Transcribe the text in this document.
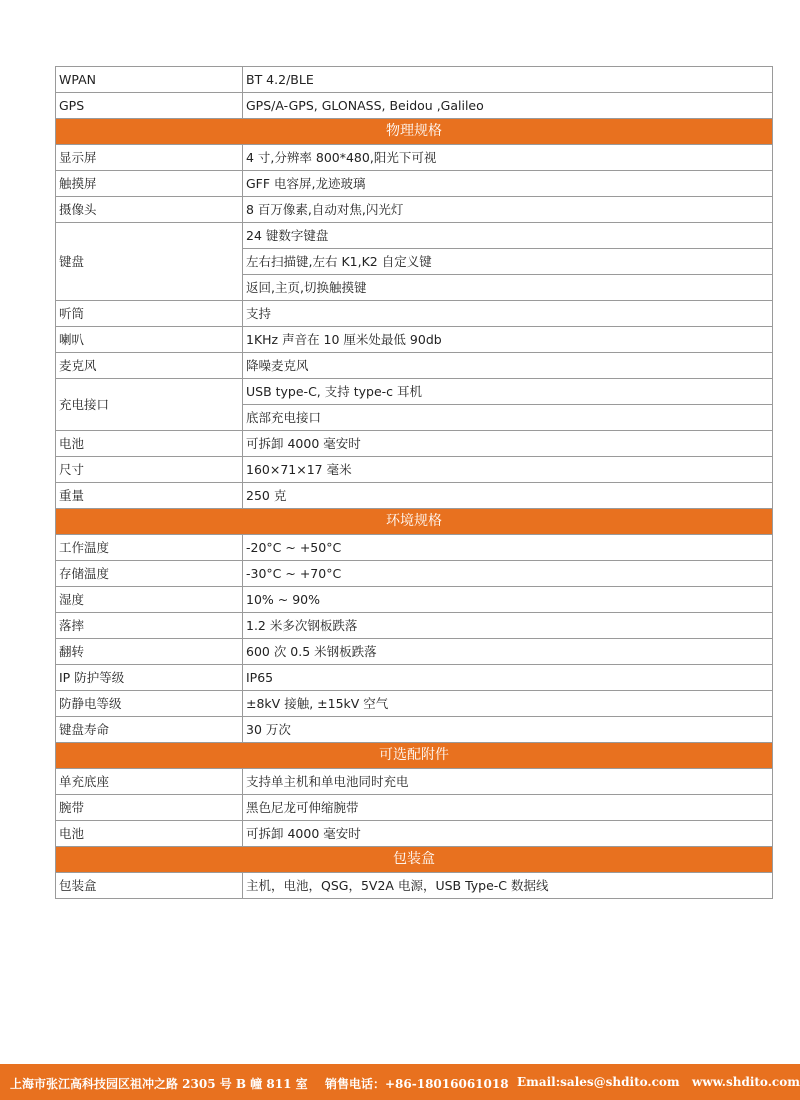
WPAN	BT 4.2/BLE
GPS	GPS/A-GPS, GLONASS, Beidou ,Galileo
物理规格	
显示屏	4 寸,分辨率 800*480,阳光下可视
触摸屏	GFF 电容屏,龙迹玻璃
摄像头	8 百万像素,自动对焦,闪光灯
键盘	24 键数字键盘
	左右扫描键,左右 K1,K2 自定义键
	返回,主页,切换触摸键
听筒	支持
喇叭	1KHz 声音在 10 厘米处最低 90db
麦克风	降噪麦克风
充电接口	USB type-C, 支持 type-c 耳机
	底部充电接口
电池	可拆卸 4000 毫安时
尺寸	160×71×17 毫米
重量	250 克
环境规格	
工作温度	-20°C ~ +50°C
存储温度	-30°C ~ +70°C
湿度	10% ~ 90%
落摔	1.2 米多次钢板跌落
翻转	600 次 0.5 米钢板跌落
IP 防护等级	IP65
防静电等级	±8kV 接触, ±15kV 空气
键盘寿命	30 万次
可选配附件	
单充底座	支持单主机和单电池同时充电
腕带	黑色尼龙可伸缩腕带
电池	可拆卸 4000 毫安时
包装盒	
包装盒	主机，电池，QSG，5V2A 电源，USB Type-C 数据线
上海市张江高科技园区祖冲之路 2305 号 B 幢 811 室 销售电话：+86-18016061018 Email:sales@shdito.com www.shdito.com
